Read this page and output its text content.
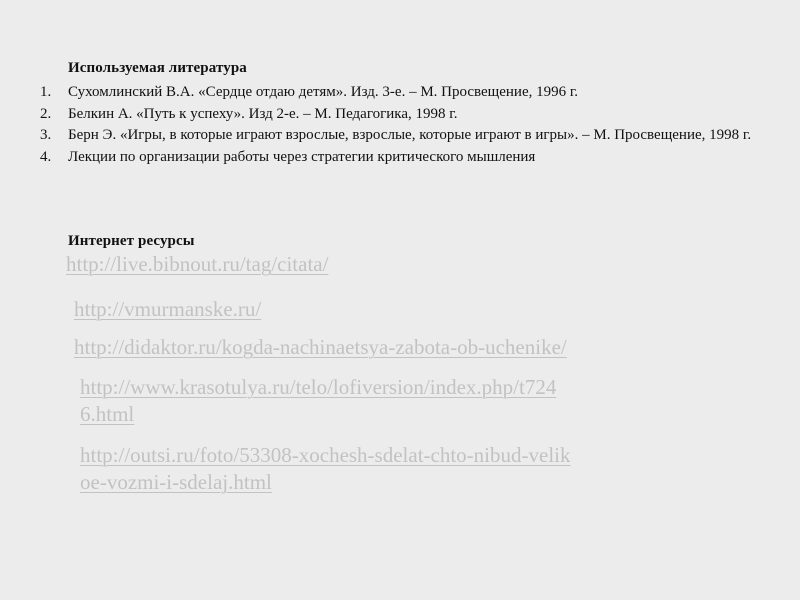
Используемая литература
1. Сухомлинский В.А. «Сердце отдаю детям». Изд. 3-е. – М. Просвещение, 1996 г.
2. Белкин А. «Путь к успеху». Изд 2-е. – М. Педагогика, 1998 г.
3. Берн Э. «Игры, в которые играют взрослые, взрослые, которые играют в игры». – М. Просвещение, 1998 г.
4. Лекции по организации работы через стратегии критического мышления
Интернет ресурсы
http://live.bibnout.ru/tag/citata/
http://vmurmanske.ru/
http://didaktor.ru/kogda-nachinaetsya-zabota-ob-uchenike/
http://www.krasotulya.ru/telo/lofiversion/index.php/t724
6.html
http://outsi.ru/foto/53308-xochesh-sdelat-chto-nibud-velik
oe-vozmi-i-sdelaj.html
